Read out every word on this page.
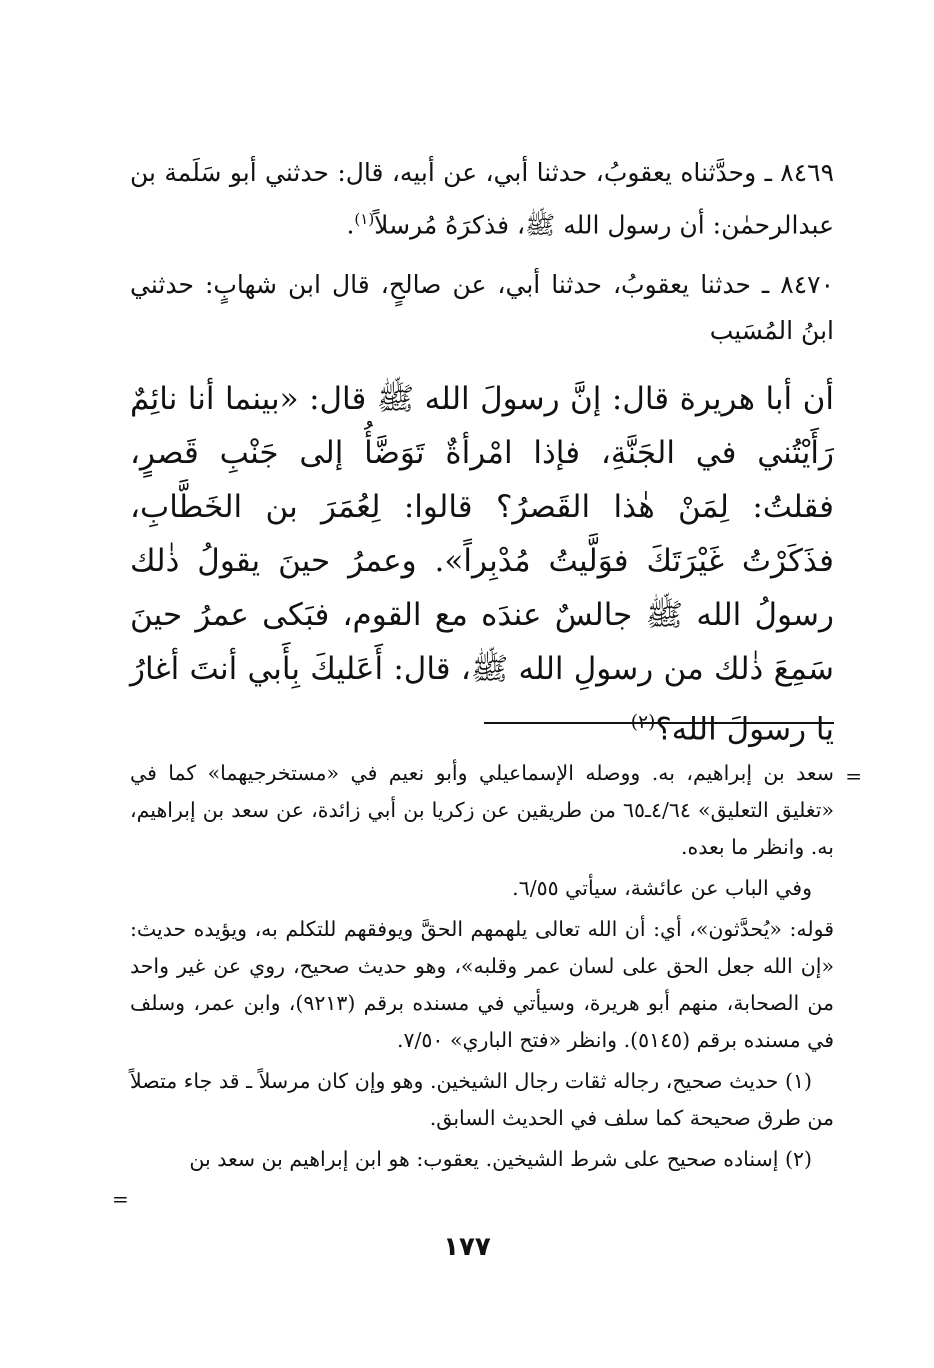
٨٤٦٩ ـ وحدَّثناه يعقوبُ، حدثنا أبي، عن أبيه، قال: حدثني أبو سَلَمة بن عبدالرحمٰن: أن رسول الله ﷺ، فذكرَهُ مُرسلاً$^{(١)}$.

٨٤٧٠ ـ حدثنا يعقوبُ، حدثنا أبي، عن صالحٍ، قال ابن شهابٍ: حدثني ابنُ المُسَيب

أن أبا هريرة قال: إنَّ رسولَ الله ﷺ قال: «بينما أنا نائِمٌ رَأَيْتُني في الجَنَّةِ، فإذا امْرأةٌ تَوَضَّأُ إلى جَنْبِ قَصرٍ، فقلتُ: لِمَنْ هٰذا القَصرُ؟ قالوا: لِعُمَرَ بن الخَطَّابِ، فذَكَرْتُ غَيْرَتَكَ فوَلَّيتُ مُدْبِراً». وعمرُ حينَ يقولُ ذٰلك رسولُ الله ﷺ جالسٌ عندَه مع القوم، فبَكى عمرُ حينَ سَمِعَ ذٰلك من رسولِ الله ﷺ، قال: أَعَليكَ بِأَبي أنتَ أغارُ يا رسولَ الله؟$^{(٢)}$

=

سعد بن إبراهيم، به. ووصله الإسماعيلي وأبو نعيم في «مستخرجيهما» كما في «تغليق التعليق» ٤/٦٤ـ٦٥ من طريقين عن زكريا بن أبي زائدة، عن سعد بن إبراهيم، به. وانظر ما بعده.

وفي الباب عن عائشة، سيأتي ٦/٥٥.

قوله: «يُحدَّثون»، أي: أن الله تعالى يلهمهم الحقَّ ويوفقهم للتكلم به، ويؤيده حديث: «إن الله جعل الحق على لسان عمر وقلبه»، وهو حديث صحيح، روي عن غير واحد من الصحابة، منهم أبو هريرة، وسيأتي في مسنده برقم (٩٢١٣)، وابن عمر، وسلف في مسنده برقم (٥١٤٥). وانظر «فتح الباري» ٧/٥٠.

(١) حديث صحيح، رجاله ثقات رجال الشيخين. وهو وإن كان مرسلاً ـ قد جاء متصلاً من طرق صحيحة كما سلف في الحديث السابق.

(٢) إسناده صحيح على شرط الشيخين. يعقوب: هو ابن إبراهيم بن سعد بن

=
١٧٧
